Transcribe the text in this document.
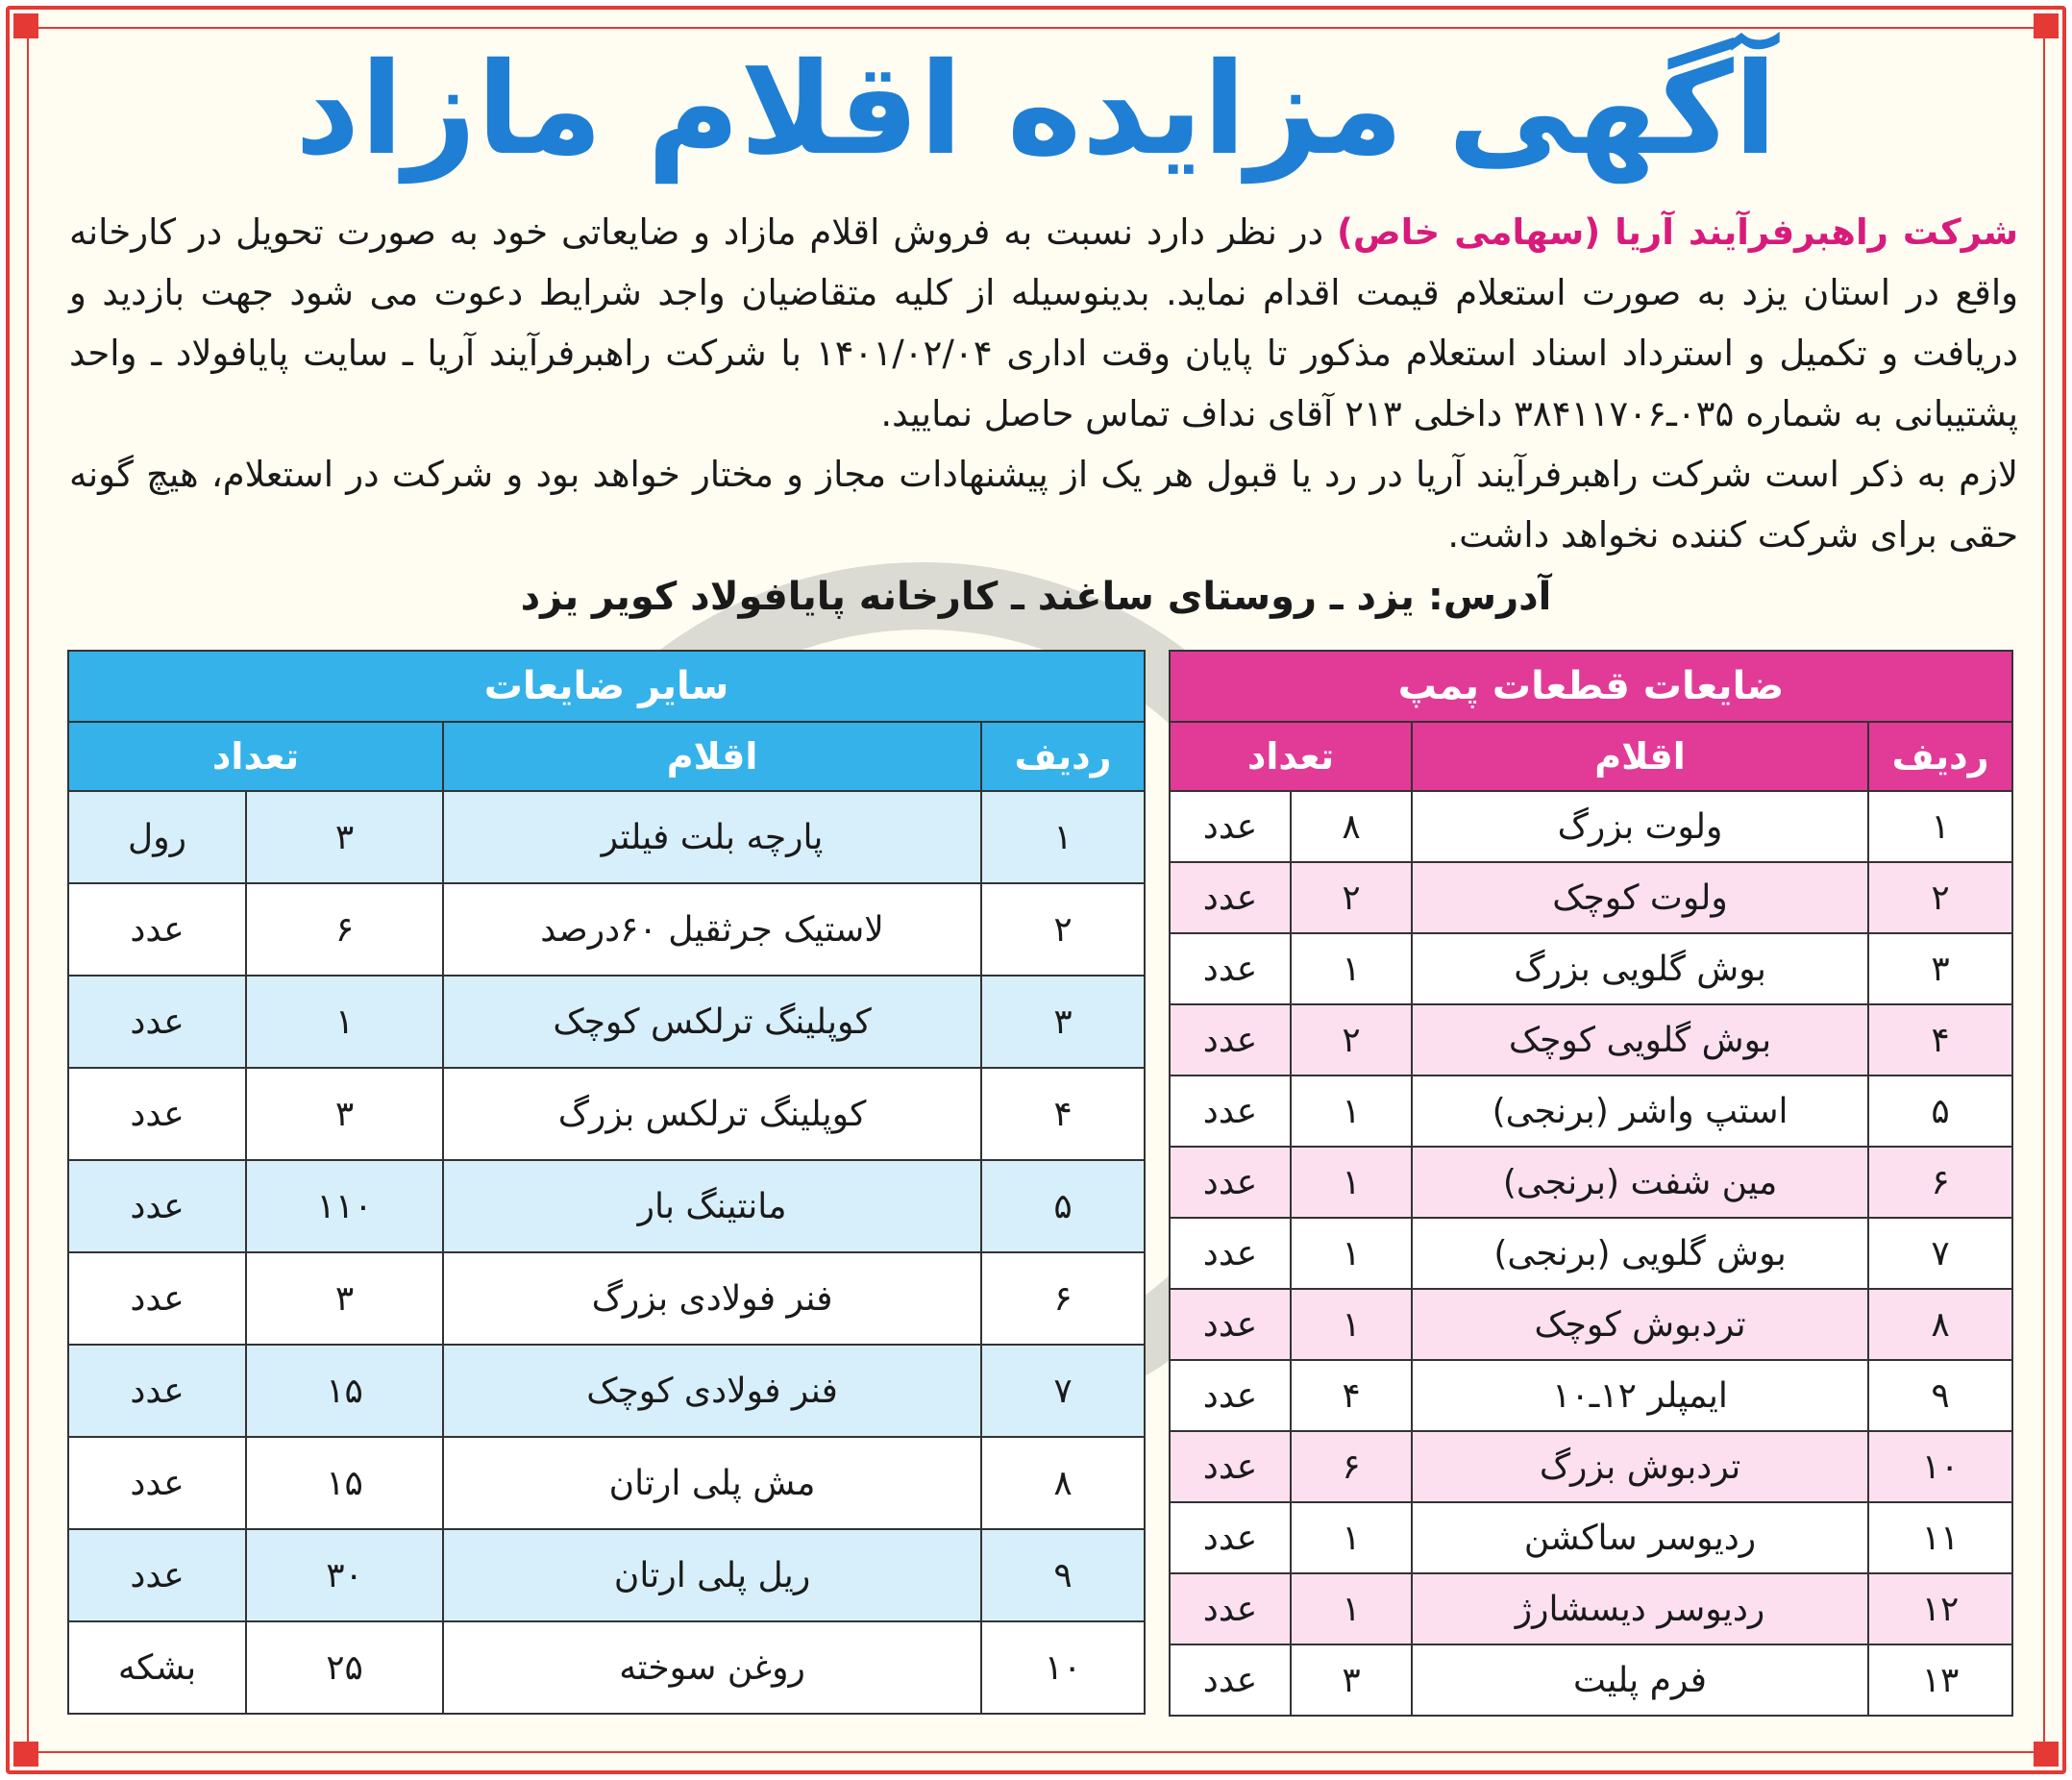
آگهی مزایده اقلام مازاد

شرکت راهبرفرآیند آریا (سهامی خاص) در نظر دارد نسبت به فروش اقلام مازاد و ضایعاتی خود به صورت تحویل در کارخانه واقع در استان یزد به صورت استعلام قیمت اقدام نماید. بدینوسیله از کلیه متقاضیان واجد شرایط دعوت می شود جهت بازدید و دریافت و تکمیل و استرداد اسناد استعلام مذکور تا پایان وقت اداری ۱۴۰۱/۰۲/۰۴ با شرکت راهبرفرآیند آریا ـ سایت پایافولاد ـ واحد پشتیبانی به شماره ۰۳۵ـ۳۸۴۱۱۷۰۶ داخلی ۲۱۳ آقای نداف تماس حاصل نمایید.
لازم به ذکر است شرکت راهبرفرآیند آریا در رد یا قبول هر یک از پیشنهادات مجاز و مختار خواهد بود و شرکت در استعلام، هیچ گونه حقی برای شرکت کننده نخواهد داشت.

آدرس: یزد ـ روستای ساغند ـ کارخانه پایافولاد کویر یزد
ضایعات قطعات پمپ			
ردیف	اقلام	تعداد	
۱	ولوت بزرگ	۸	عدد
۲	ولوت کوچک	۲	عدد
۳	بوش گلویی بزرگ	۱	عدد
۴	بوش گلویی کوچک	۲	عدد
۵	استپ واشر (برنجی)	۱	عدد
۶	مین شفت (برنجی)	۱	عدد
۷	بوش گلویی (برنجی)	۱	عدد
۸	تردبوش کوچک	۱	عدد
۹	ایمپلر ۱۲ـ۱۰	۴	عدد
۱۰	تردبوش بزرگ	۶	عدد
۱۱	ردیوسر ساکشن	۱	عدد
۱۲	ردیوسر دیسشارژ	۱	عدد
۱۳	فرم پلیت	۳	عدد
سایر ضایعات			
ردیف	اقلام	تعداد	
۱	پارچه بلت فیلتر	۳	رول
۲	لاستیک جرثقیل ۶۰درصد	۶	عدد
۳	کوپلینگ ترلکس کوچک	۱	عدد
۴	کوپلینگ ترلکس بزرگ	۳	عدد
۵	مانتینگ بار	۱۱۰	عدد
۶	فنر فولادی بزرگ	۳	عدد
۷	فنر فولادی کوچک	۱۵	عدد
۸	مش پلی ارتان	۱۵	عدد
۹	ریل پلی ارتان	۳۰	عدد
۱۰	روغن سوخته	۲۵	بشکه
